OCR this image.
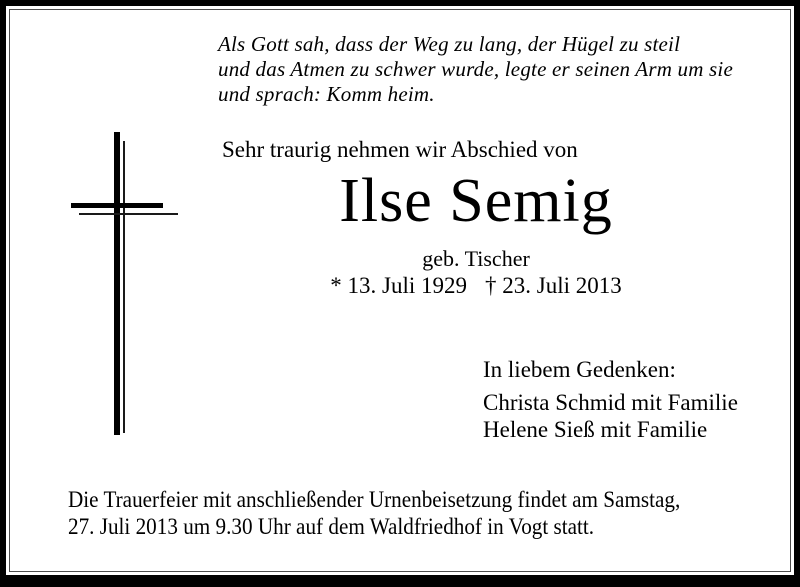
Als Gott sah, dass der Weg zu lang, der Hügel zu steil
und das Atmen zu schwer wurde, legte er seinen Arm um sie
und sprach: Komm heim.
Sehr traurig nehmen wir Abschied von
Ilse Semig
geb. Tischer
* 13. Juli 1929 † 23. Juli 2013
In liebem Gedenken:
Christa Schmid mit Familie
Helene Sieß mit Familie
Die Trauerfeier mit anschließender Urnenbeisetzung findet am Samstag,
27. Juli 2013 um 9.30 Uhr auf dem Waldfriedhof in Vogt statt.
